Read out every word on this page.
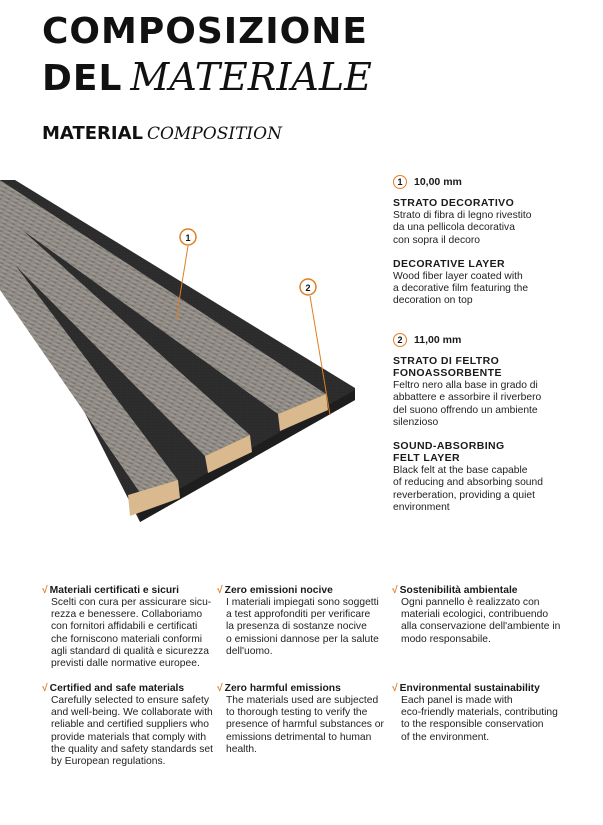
COMPOSIZIONE
DEL MATERIALE
MATERIAL COMPOSITION
1
2
1	10,00 mm
STRATO DECORATIVO

Strato di fibra di legno rivestito
da una pellicola decorativa
con sopra il decoro

DECORATIVE LAYER

Wood fiber layer coated with
a decorative film featuring the
decoration on top

2	11,00 mm
STRATO DI FELTRO
FONOASSORBENTE

Feltro nero alla base in grado di
abbattere e assorbire il riverbero
del suono offrendo un ambiente
silenzioso

SOUND-ABSORBING
FELT LAYER

Black felt at the base capable
of reducing and absorbing sound
reverberation, providing a quiet
environment

√ Materiali certificati e sicuri

Scelti con cura per assicurare sicu-
rezza e benessere. Collaboriamo
con fornitori affidabili e certificati
che forniscono materiali conformi
agli standard di qualità e sicurezza
previsti dalle normative europee.

√ Zero emissioni nocive

I materiali impiegati sono soggetti
a test approfonditi per verificare
la presenza di sostanze nocive
o emissioni dannose per la salute
dell'uomo.

√ Sostenibilità ambientale

Ogni pannello è realizzato con
materiali ecologici, contribuendo
alla conservazione dell'ambiente in
modo responsabile.

√ Certified and safe materials

Carefully selected to ensure safety
and well-being. We collaborate with
reliable and certified suppliers who
provide materials that comply with
the quality and safety standards set
by European regulations.

√ Zero harmful emissions

The materials used are subjected
to thorough testing to verify the
presence of harmful substances or
emissions detrimental to human
health.

√ Environmental sustainability

Each panel is made with
eco-friendly materials, contributing
to the responsible conservation
of the environment.
